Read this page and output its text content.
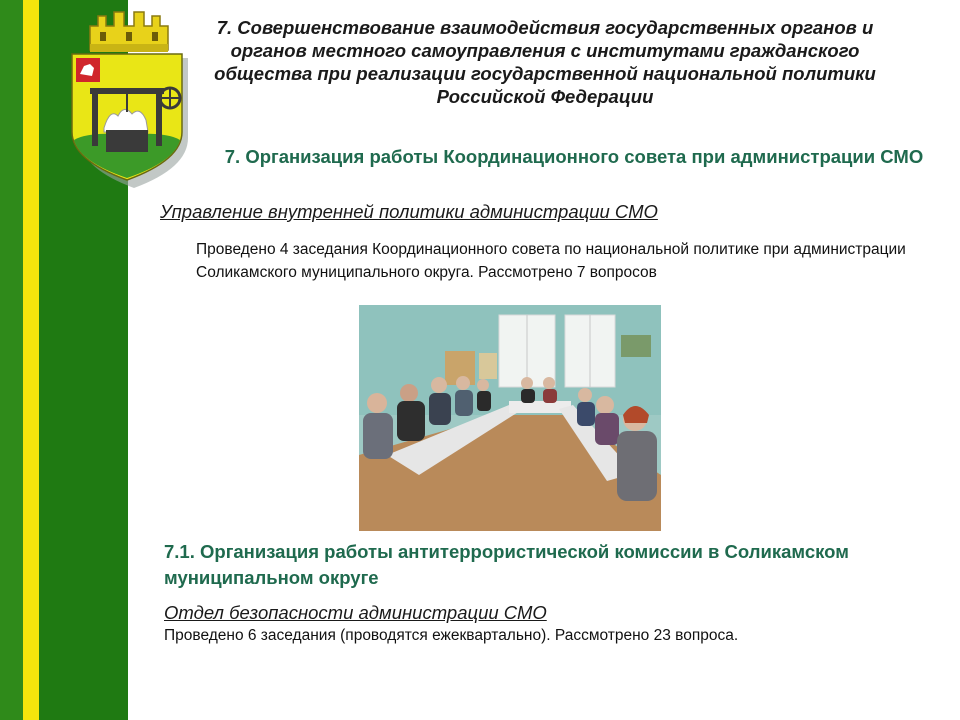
7. Совершенствование взаимодействия государственных органов и органов местного самоуправления с институтами гражданского общества при реализации государственной национальной политики Российской Федерации
7. Организация работы Координационного совета при администрации СМО
Управление внутренней политики администрации СМО
Проведено 4 заседания Координационного совета по национальной политике при администрации Соликамского муниципального округа. Рассмотрено 7 вопросов
7.1. Организация работы антитеррористической комиссии в Соликамском муниципальном округе
Отдел безопасности администрации СМО
Проведено 6 заседания (проводятся ежеквартально). Рассмотрено 23 вопроса.
